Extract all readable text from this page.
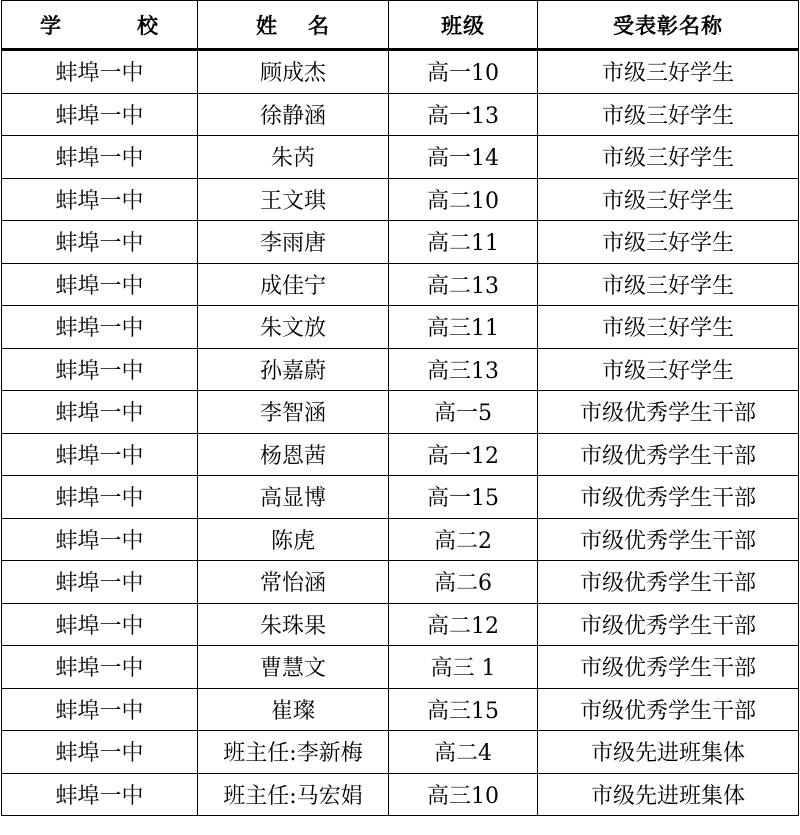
学 校	姓 名	班级	受表彰名称
蚌埠一中	顾成杰	高一10	市级三好学生
蚌埠一中	徐静涵	高一13	市级三好学生
蚌埠一中	朱芮	高一14	市级三好学生
蚌埠一中	王文琪	高二10	市级三好学生
蚌埠一中	李雨唐	高二11	市级三好学生
蚌埠一中	成佳宁	高二13	市级三好学生
蚌埠一中	朱文放	高三11	市级三好学生
蚌埠一中	孙嘉蔚	高三13	市级三好学生
蚌埠一中	李智涵	高一5	市级优秀学生干部
蚌埠一中	杨恩茜	高一12	市级优秀学生干部
蚌埠一中	高显博	高一15	市级优秀学生干部
蚌埠一中	陈虎	高二2	市级优秀学生干部
蚌埠一中	常怡涵	高二6	市级优秀学生干部
蚌埠一中	朱珠果	高二12	市级优秀学生干部
蚌埠一中	曹慧文	高三 1	市级优秀学生干部
蚌埠一中	崔璨	高三15	市级优秀学生干部
蚌埠一中	班主任:李新梅	高二4	市级先进班集体
蚌埠一中	班主任:马宏娟	高三10	市级先进班集体
